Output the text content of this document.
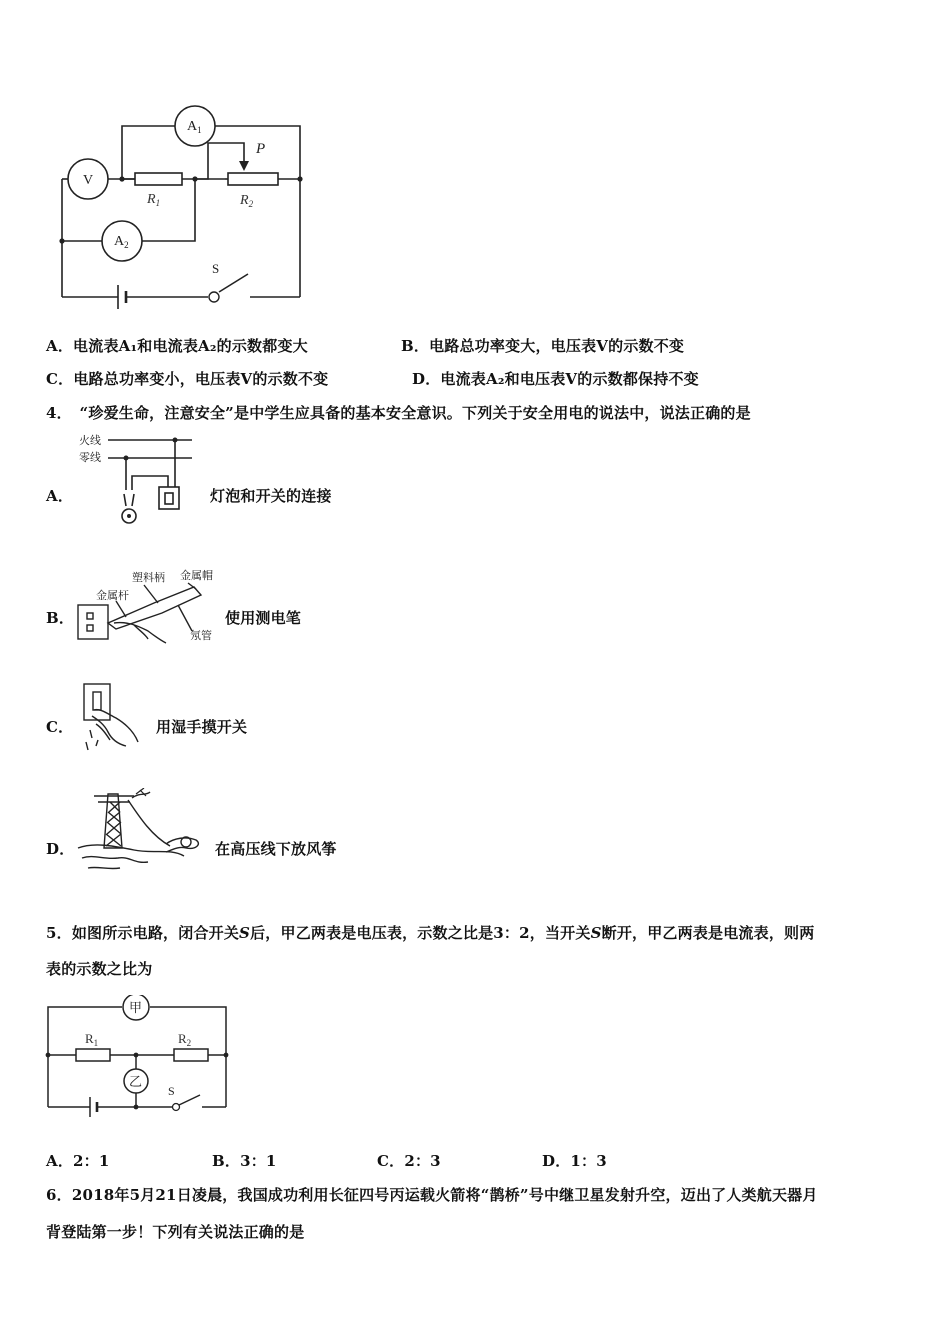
$A_1$
V
$A_2$
$R_1$	$R_2$
P
S
A．电流表A₁和电流表A₂的示数都变大	B．电路总功率变大，电压表V的示数不变
C．电路总功率变小，电压表V的示数不变	D．电流表A₂和电压表V的示数都保持不变
4．　“珍爱生命，注意安全”是中学生应具备的基本安全意识。下列关于安全用电的说法中，说法正确的是
A．
火线
零线
灯泡和开关的连接
B．
塑料柄 金属帽
金属杆
氖管
使用测电笔
C．	用湿手摸开关
D．	在高压线下放风筝
5．如图所示电路，闭合开关S后，甲乙两表是电压表，示数之比是3：2，当开关S断开，甲乙两表是电流表，则两
表的示数之比为
甲
乙
$R_1$	$R_2$
S
A．2：1	B．3：1	C．2：3	D．1：3
6．2018年5月21日凌晨，我国成功利用长征四号丙运载火箭将“鹊桥”号中继卫星发射升空，迈出了人类航天器月
背登陆第一步！下列有关说法正确的是
